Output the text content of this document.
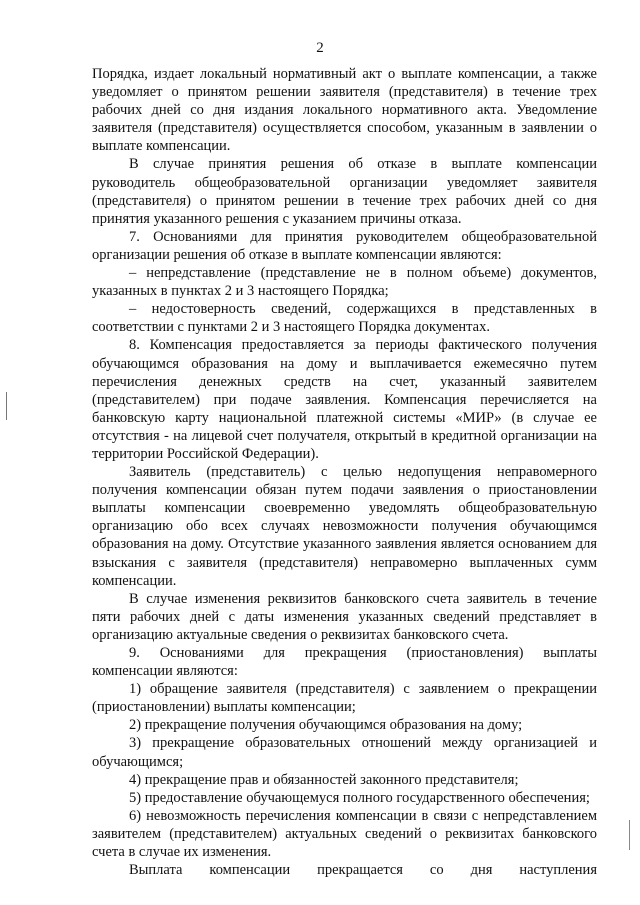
2

Порядка, издает локальный нормативный акт о выплате компенсации, а также уведомляет о принятом решении заявителя (представителя) в течение трех рабочих дней со дня издания локального нормативного акта. Уведомление заявителя (представителя) осуществляется способом, указанным в заявлении о выплате компенсации.

В случае принятия решения об отказе в выплате компенсации руководитель общеобразовательной организации уведомляет заявителя (представителя) о принятом решении в течение трех рабочих дней со дня принятия указанного решения с указанием причины отказа.

7. Основаниями для принятия руководителем общеобразовательной организации решения об отказе в выплате компенсации являются:

– непредставление (представление не в полном объеме) документов, указанных в пунктах 2 и 3 настоящего Порядка;

– недостоверность сведений, содержащихся в представленных в соответствии с пунктами 2 и 3 настоящего Порядка документах.

8. Компенсация предоставляется за периоды фактического получения обучающимся образования на дому и выплачивается ежемесячно путем перечисления денежных средств на счет, указанный заявителем (представителем) при подаче заявления. Компенсация перечисляется на банковскую карту национальной платежной системы «МИР» (в случае ее отсутствия - на лицевой счет получателя, открытый в кредитной организации на территории Российской Федерации).

Заявитель (представитель) с целью недопущения неправомерного получения компенсации обязан путем подачи заявления о приостановлении выплаты компенсации своевременно уведомлять общеобразовательную организацию обо всех случаях невозможности получения обучающимся образования на дому. Отсутствие указанного заявления является основанием для взыскания с заявителя (представителя) неправомерно выплаченных сумм компенсации.

В случае изменения реквизитов банковского счета заявитель в течение пяти рабочих дней с даты изменения указанных сведений представляет в организацию актуальные сведения о реквизитах банковского счета.

9. Основаниями для прекращения (приостановления) выплаты компенсации являются:

1) обращение заявителя (представителя) с заявлением о прекращении (приостановлении) выплаты компенсации;

2) прекращение получения обучающимся образования на дому;

3) прекращение образовательных отношений между организацией и обучающимся;

4) прекращение прав и обязанностей законного представителя;

5) предоставление обучающемуся полного государственного обеспечения;

6) невозможность перечисления компенсации в связи с непредставлением заявителем (представителем) актуальных сведений о реквизитах банковского счета в случае их изменения.

Выплата компенсации прекращается со дня наступления
